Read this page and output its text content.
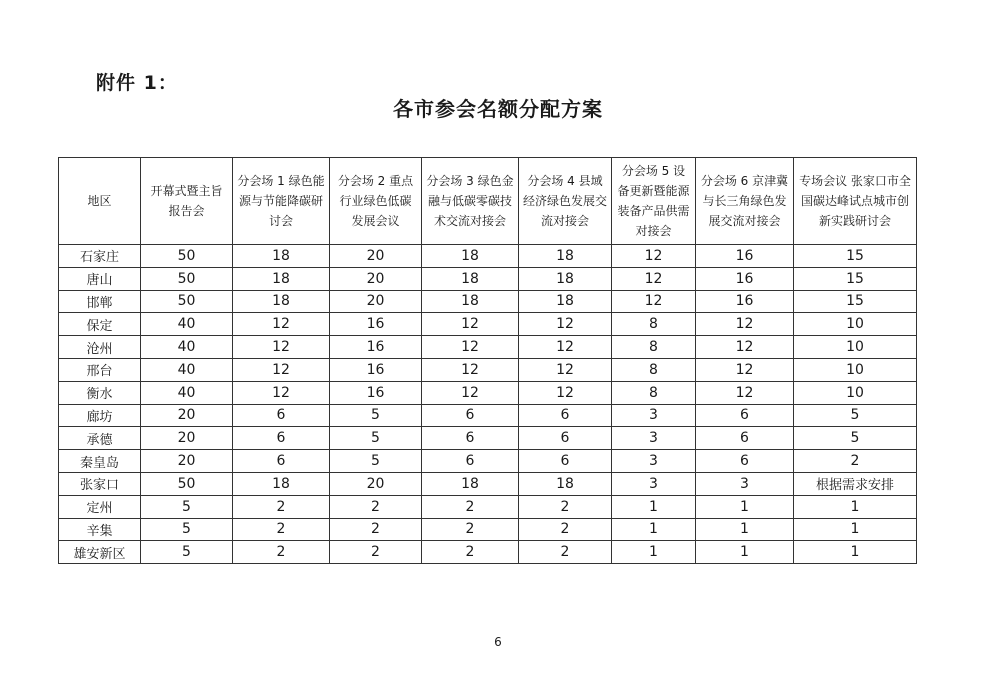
附件 1：
各市参会名额分配方案
地区	开幕式暨主旨报告会	分会场 1 绿色能源与节能降碳研讨会	分会场 2 重点行业绿色低碳发展会议	分会场 3 绿色金融与低碳零碳技术交流对接会	分会场 4 县域经济绿色发展交流对接会	分会场 5 设备更新暨能源装备产品供需对接会	分会场 6 京津冀与长三角绿色发展交流对接会	专场会议 张家口市全国碳达峰试点城市创新实践研讨会
石家庄	50	18	20	18	18	12	16	15
唐山	50	18	20	18	18	12	16	15
邯郸	50	18	20	18	18	12	16	15
保定	40	12	16	12	12	8	12	10
沧州	40	12	16	12	12	8	12	10
邢台	40	12	16	12	12	8	12	10
衡水	40	12	16	12	12	8	12	10
廊坊	20	6	5	6	6	3	6	5
承德	20	6	5	6	6	3	6	5
秦皇岛	20	6	5	6	6	3	6	2
张家口	50	18	20	18	18	3	3	根据需求安排
定州	5	2	2	2	2	1	1	1
辛集	5	2	2	2	2	1	1	1
雄安新区	5	2	2	2	2	1	1	1
6
